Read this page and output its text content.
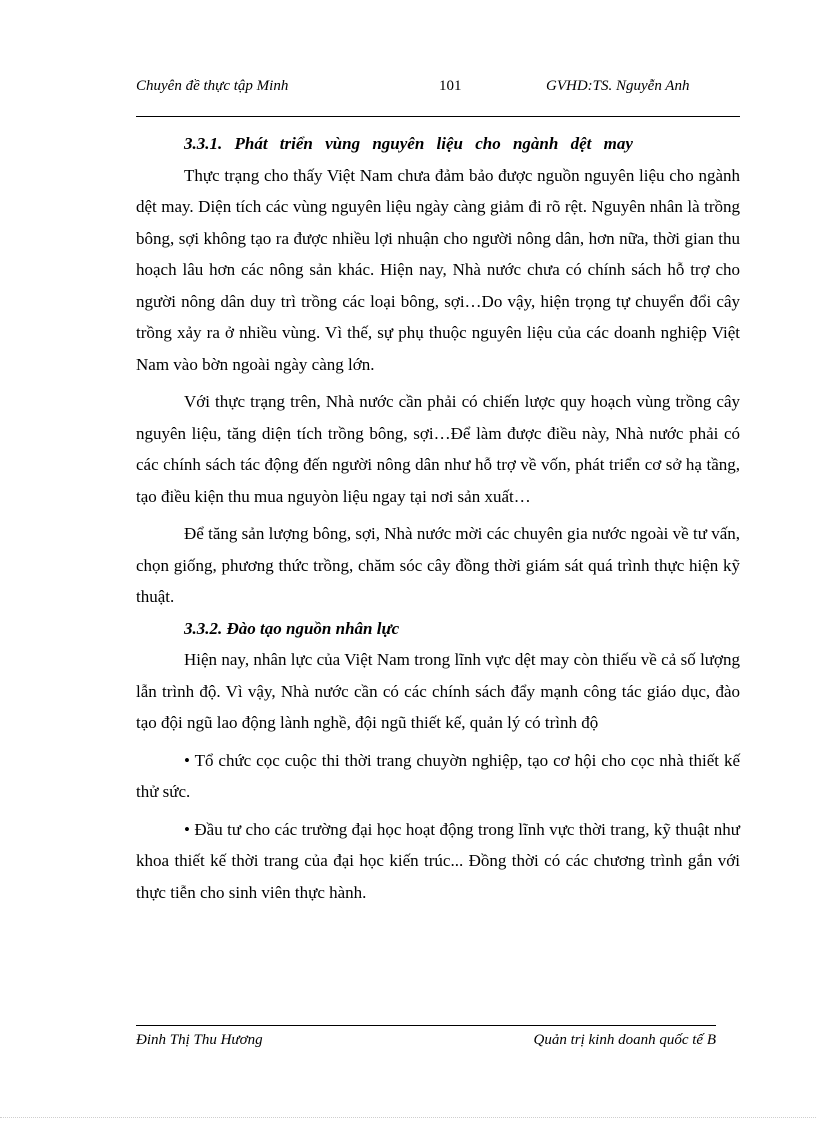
Chuyên đề thực tập Minh	101	GVHD:TS. Nguyễn Anh
3.3.1. Phát triển vùng nguyên liệu cho ngành dệt may

Thực trạng cho thấy Việt Nam chưa đảm bảo được nguồn nguyên liệu cho ngành dệt may. Diện tích các vùng nguyên liệu ngày càng giảm đi rõ rệt. Nguyên nhân là trồng bông, sợi không tạo ra được nhiều lợi nhuận cho người nông dân, hơn nữa, thời gian thu hoạch lâu hơn các nông sản khác. Hiện nay, Nhà nước chưa có chính sách hỗ trợ cho người nông dân duy trì trồng các loại bông, sợi…Do vậy, hiện trọng tự chuyển đổi cây trồng xảy ra ở nhiều vùng. Vì thế, sự phụ thuộc nguyên liệu của các doanh nghiệp Việt Nam vào bờn ngoài ngày càng lớn.

Với thực trạng trên, Nhà nước cần phải có chiến lược quy hoạch vùng trồng cây nguyên liệu, tăng diện tích trồng bông, sợi…Để làm được điều này, Nhà nước phải có các chính sách tác động đến người nông dân như hỗ trợ về vốn, phát triển cơ sở hạ tầng, tạo điều kiện thu mua nguyòn liệu ngay tại nơi sản xuất…

Để tăng sản lượng bông, sợi, Nhà nước mời các chuyên gia nước ngoài về tư vấn, chọn giống, phương thức trồng, chăm sóc cây đồng thời giám sát quá trình thực hiện kỹ thuật.

3.3.2. Đào tạo nguồn nhân lực

Hiện nay, nhân lực của Việt Nam trong lĩnh vực dệt may còn thiếu về cả số lượng lẫn trình độ. Vì vậy, Nhà nước cần có các chính sách đẩy mạnh công tác giáo dục, đào tạo đội ngũ lao động lành nghề, đội ngũ thiết kế, quản lý có trình độ

• Tổ chức cọc cuộc thi thời trang chuyờn nghiệp, tạo cơ hội cho cọc nhà thiết kế thử sức.

• Đầu tư cho các trường đại học hoạt động trong lĩnh vực thời trang, kỹ thuật như khoa thiết kế thời trang của đại học kiến trúc... Đồng thời có các chương trình gắn với thực tiễn cho sinh viên thực hành.

Đinh Thị Thu Hương	Quản trị kinh doanh quốc tế B
